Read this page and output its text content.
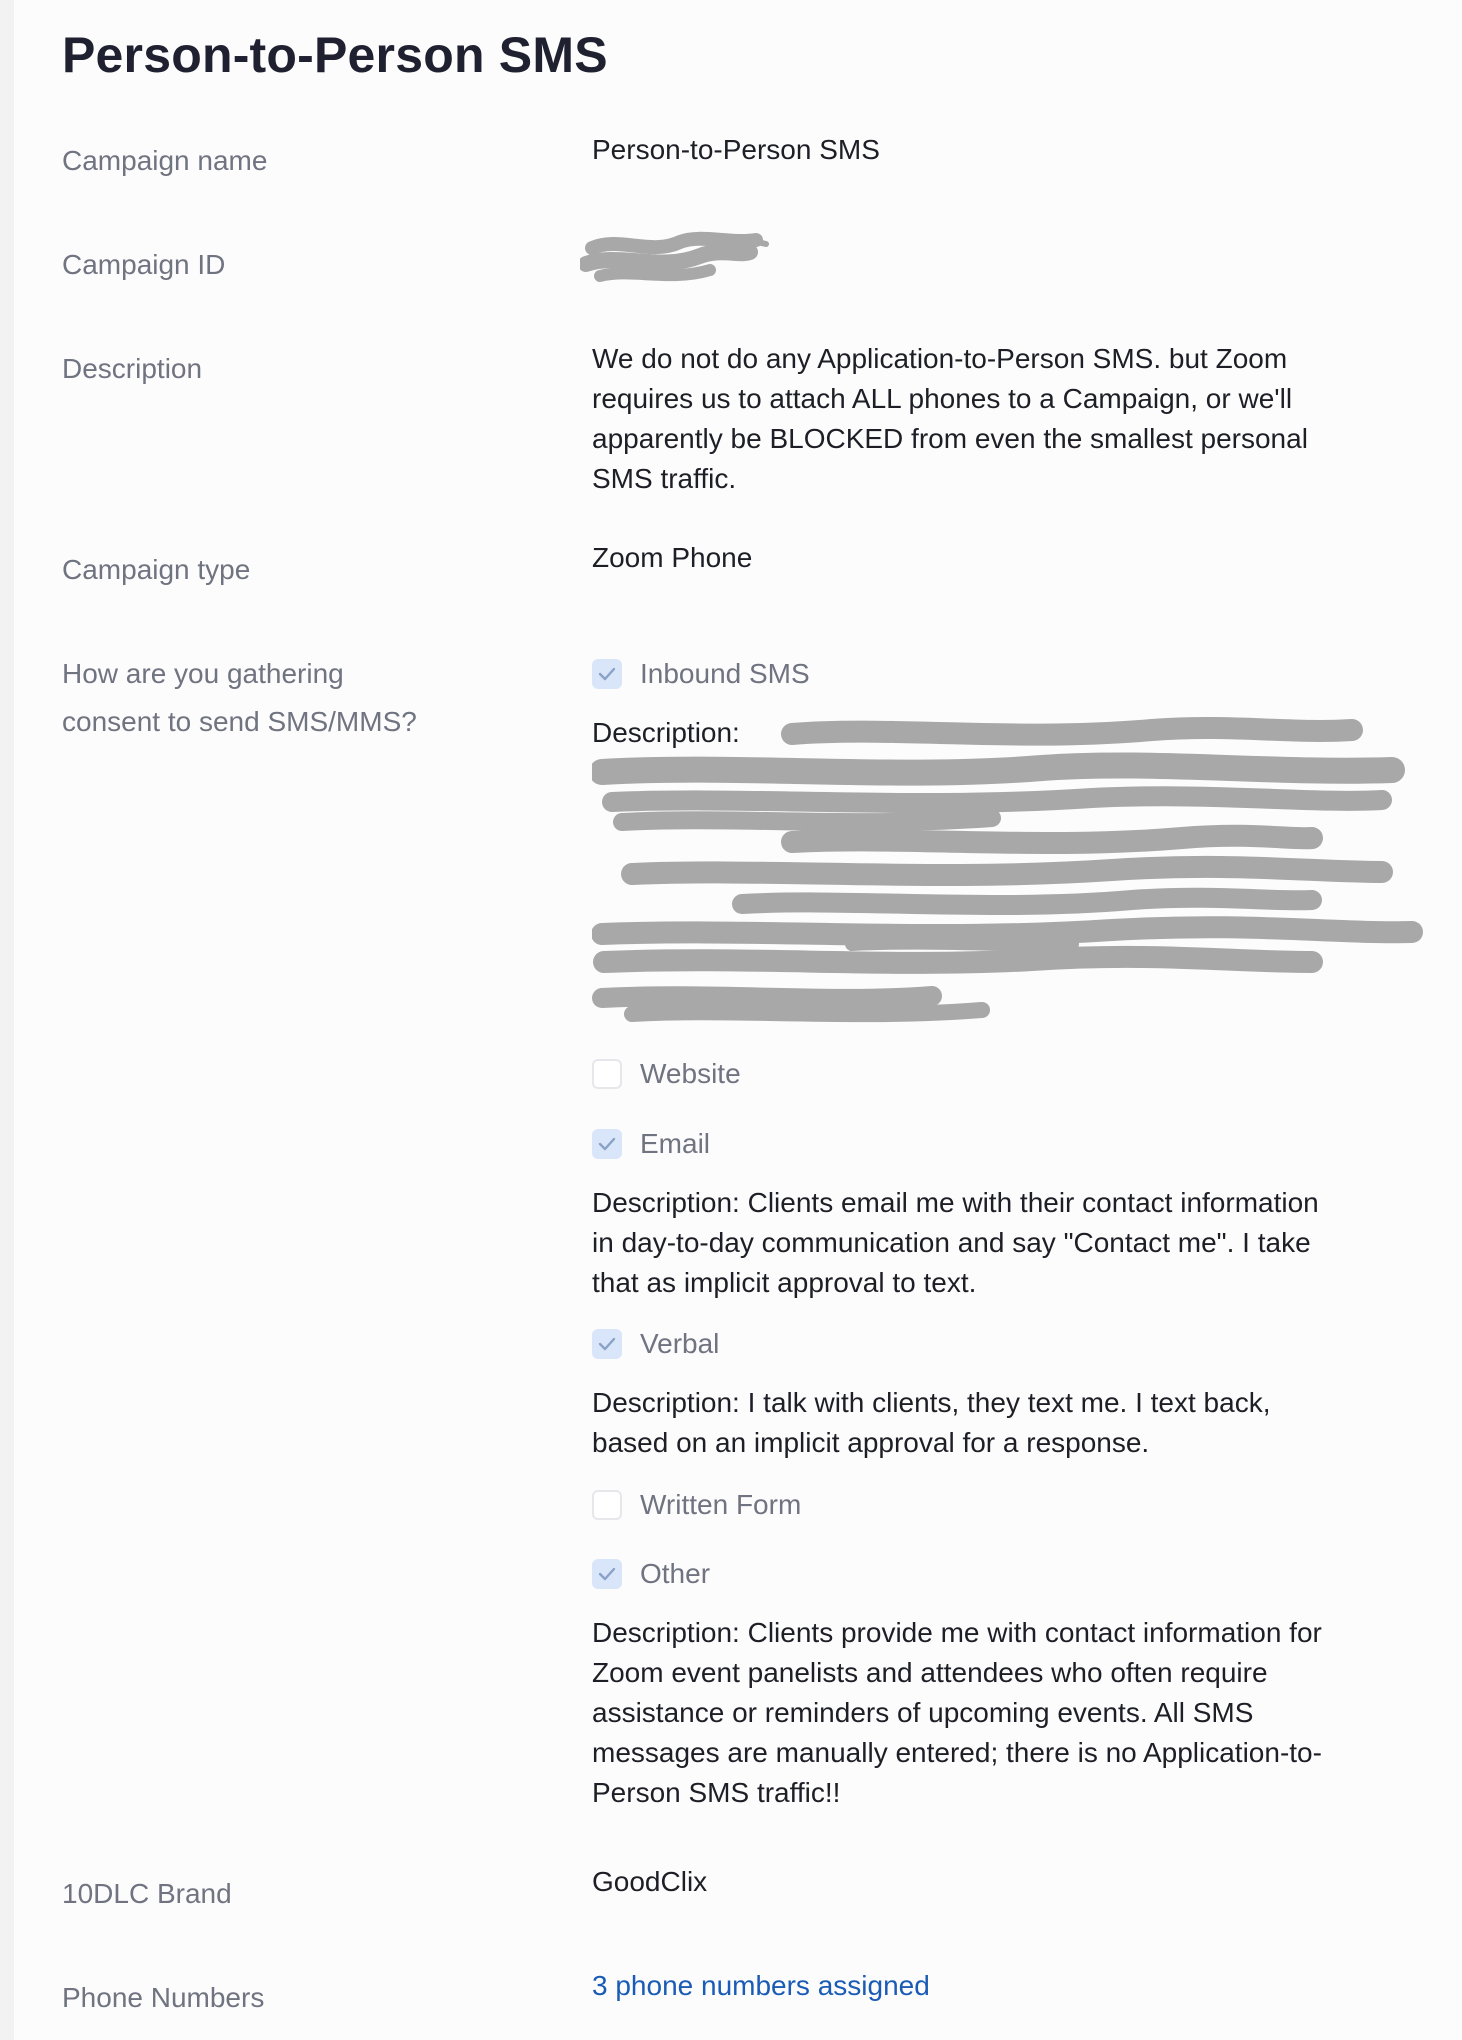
Person-to-Person SMS
Campaign name	Person-to-Person SMS
Campaign ID
Description	We do not do any Application-to-Person SMS. but Zoom
requires us to attach ALL phones to a Campaign, or we'll
apparently be BLOCKED from even the smallest personal
SMS traffic.
Campaign type	Zoom Phone
How are you gathering
consent to send SMS/MMS?
Inbound SMS
Description:
Website
Email
Description: Clients email me with their contact information
in day-to-day communication and say "Contact me". I take
that as implicit approval to text.
Verbal
Description: I talk with clients, they text me. I text back,
based on an implicit approval for a response.
Written Form
Other
Description: Clients provide me with contact information for
Zoom event panelists and attendees who often require
assistance or reminders of upcoming events. All SMS
messages are manually entered; there is no Application-to-
Person SMS traffic!!
10DLC Brand	GoodClix
Phone Numbers	3 phone numbers assigned
